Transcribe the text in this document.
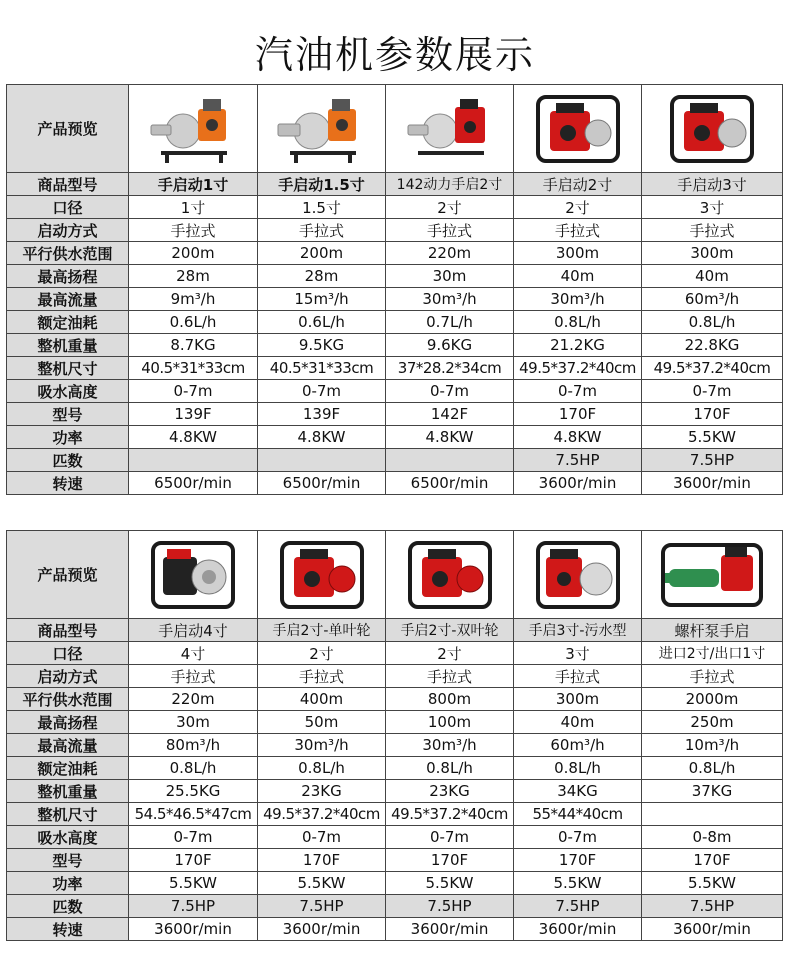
汽油机参数展示
产品预览	

商品型号	手启动1寸	手启动1.5寸	142动力手启2寸	手启动2寸	手启动3寸
口径	1寸	1.5寸	2寸	2寸	3寸
启动方式	手拉式	手拉式	手拉式	手拉式	手拉式
平行供水范围	200m	200m	220m	300m	300m
最高扬程	28m	28m	30m	40m	40m
最高流量	9m³/h	15m³/h	30m³/h	30m³/h	60m³/h
额定油耗	0.6L/h	0.6L/h	0.7L/h	0.8L/h	0.8L/h
整机重量	8.7KG	9.5KG	9.6KG	21.2KG	22.8KG
整机尺寸	40.5*31*33cm	40.5*31*33cm	37*28.2*34cm	49.5*37.2*40cm	49.5*37.2*40cm
吸水高度	0-7m	0-7m	0-7m	0-7m	0-7m
型号	139F	139F	142F	170F	170F
功率	4.8KW	4.8KW	4.8KW	4.8KW	5.5KW
匹数				7.5HP	7.5HP
转速	6500r/min	6500r/min	6500r/min	3600r/min	3600r/min
产品预览	

商品型号	手启动4寸	手启2寸-单叶轮	手启2寸-双叶轮	手启3寸-污水型	螺杆泵手启
口径	4寸	2寸	2寸	3寸	进口2寸/出口1寸
启动方式	手拉式	手拉式	手拉式	手拉式	手拉式
平行供水范围	220m	400m	800m	300m	2000m
最高扬程	30m	50m	100m	40m	250m
最高流量	80m³/h	30m³/h	30m³/h	60m³/h	10m³/h
额定油耗	0.8L/h	0.8L/h	0.8L/h	0.8L/h	0.8L/h
整机重量	25.5KG	23KG	23KG	34KG	37KG
整机尺寸	54.5*46.5*47cm	49.5*37.2*40cm	49.5*37.2*40cm	55*44*40cm	
吸水高度	0-7m	0-7m	0-7m	0-7m	0-8m
型号	170F	170F	170F	170F	170F
功率	5.5KW	5.5KW	5.5KW	5.5KW	5.5KW
匹数	7.5HP	7.5HP	7.5HP	7.5HP	7.5HP
转速	3600r/min	3600r/min	3600r/min	3600r/min	3600r/min
